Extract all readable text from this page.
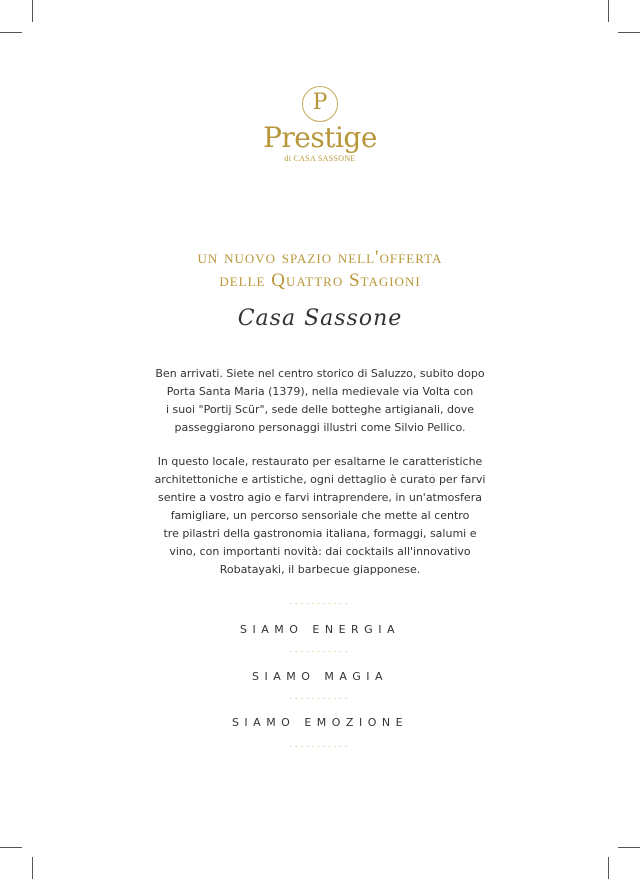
P
Prestige
di CASA SASSONE
un nuovo spazio nell'offerta
delle Quattro Stagioni
Casa Sassone
Ben arrivati. Siete nel centro storico di Saluzzo, subito dopo
Porta Santa Maria (1379), nella medievale via Volta con
i suoi "Portij Scür", sede delle botteghe artigianali, dove
passeggiarono personaggi illustri come Silvio Pellico.
In questo locale, restaurato per esaltarne le caratteristiche
architettoniche e artistiche, ogni dettaglio è curato per farvi
sentire a vostro agio e farvi intraprendere, in un'atmosfera
famigliare, un percorso sensoriale che mette al centro
tre pilastri della gastronomia italiana, formaggi, salumi e
vino, con importanti novità: dai cocktails all'innovativo
Robatayaki, il barbecue giapponese.
...........
SIAMO ENERGIA
...........
SIAMO MAGIA
...........
SIAMO EMOZIONE
...........
